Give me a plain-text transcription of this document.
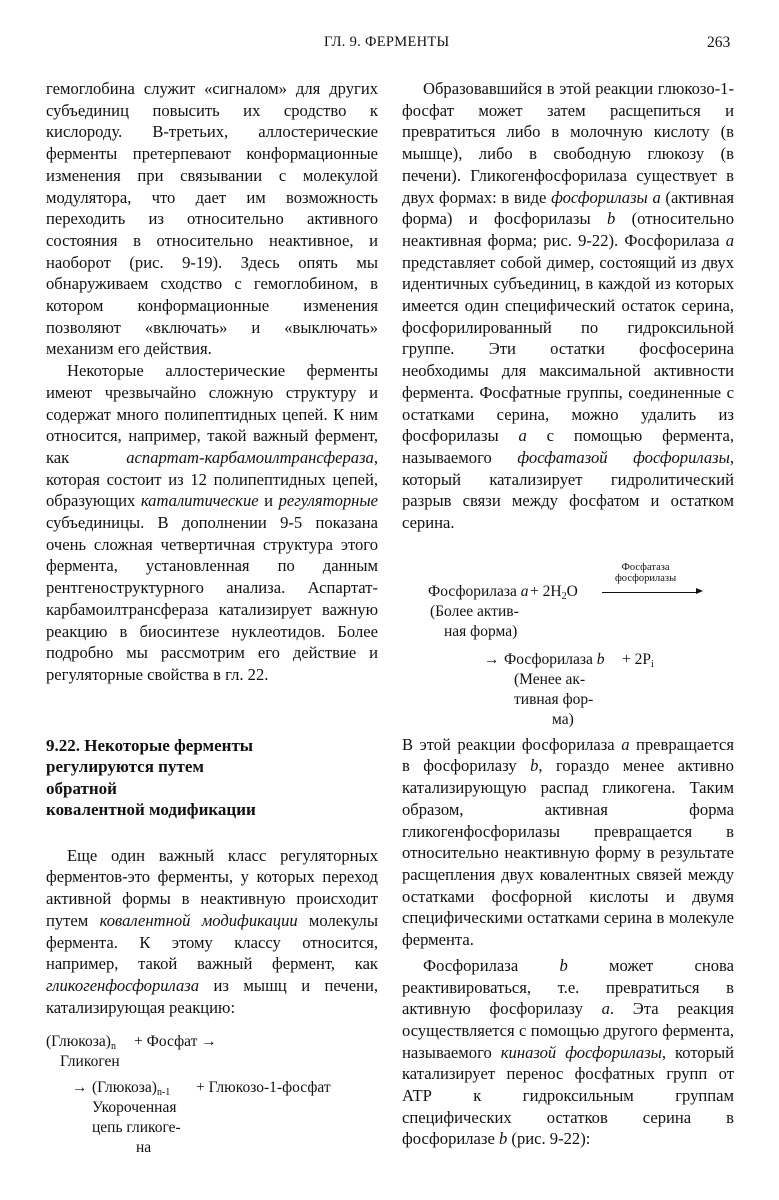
ГЛ. 9. ФЕРМЕНТЫ	263

гемоглобина служит «сигналом» для других субъединиц повысить их сродство к кислороду. В-третьих, аллостерические ферменты претерпевают конформационные изменения при связывании с молекулой модулятора, что дает им возможность переходить из относительно активного состояния в относительно неактивное, и наоборот (рис. 9-19). Здесь опять мы обнаруживаем сходство с гемоглобином, в котором конформационные изменения позволяют «включать» и «выключать» механизм его действия.

Некоторые аллостерические ферменты имеют чрезвычайно сложную структуру и содержат много полипептидных цепей. К ним относится, например, такой важный фермент, как аспартат-карбамоилтрансфераза, которая состоит из 12 полипептидных цепей, образующих каталитические и регуляторные субъединицы. В дополнении 9-5 показана очень сложная четвертичная структура этого фермента, установленная по данным рентгеноструктурного анализа. Аспартат-карбамоилтрансфераза катализирует важную реакцию в биосинтезе нуклеотидов. Более подробно мы рассмотрим его действие и регуляторные свойства в гл. 22.

9.22. Некоторые ферменты

регулируются путем

обратной

ковалентной модификации

Еще один важный класс регуляторных ферментов-это ферменты, у которых переход активной формы в неактивную происходит путем ковалентной модификации молекулы фермента. К этому классу относится, например, такой важный фермент, как гликогенфосфорилаза из мышц и печени, катализирующая реакцию:

$(Глюкоза)_n$ + Фосфат →
Гликоген
→ $(Глюкоза)_{n-1}$ + Глюкозо-1-фосфат
Укороченная
цепь гликоге-
на

Образовавшийся в этой реакции глюкозо-1-фосфат может затем расщепиться и превратиться либо в молочную кислоту (в мышце), либо в свободную глюкозу (в печени). Гликогенфосфорилаза существует в двух формах: в виде фосфорилазы а (активная форма) и фосфорилазы b (относительно неактивная форма; рис. 9-22). Фосфорилаза a представляет собой димер, состоящий из двух идентичных субъединиц, в каждой из которых имеется один специфический остаток серина, фосфорилированный по гидроксильной группе. Эти остатки фосфосерина необходимы для максимальной активности фермента. Фосфатные группы, соединенные с остатками серина, можно удалить из фосфорилазы a с помощью фермента, называемого фосфатазой фосфорилазы, который катализирует гидролитический разрыв связи между фосфатом и остатком серина.

Фосфатаза
фосфорилазы
Фосфорилаза $a + 2H_2O$
(Более актив-
ная форма)
→ Фосфорилаза $b + 2P_i$
(Менее ак-
тивная фор-
ма)

В этой реакции фосфорилаза a превращается в фосфорилазу b, гораздо менее активно катализирующую распад гликогена. Таким образом, активная форма гликогенфосфорилазы превращается в относительно неактивную форму в результате расщепления двух ковалентных связей между остатками фосфорной кислоты и двумя специфическими остатками серина в молекуле фермента.

Фосфорилаза b может снова реактивироваться, т.е. превратиться в активную фосфорилазу a. Эта реакция осуществляется с помощью другого фермента, называемого киназой фосфорилазы, который катализирует перенос фосфатных групп от АТР к гидроксильным группам специфических остатков серина в фосфорилазе b (рис. 9-22):
